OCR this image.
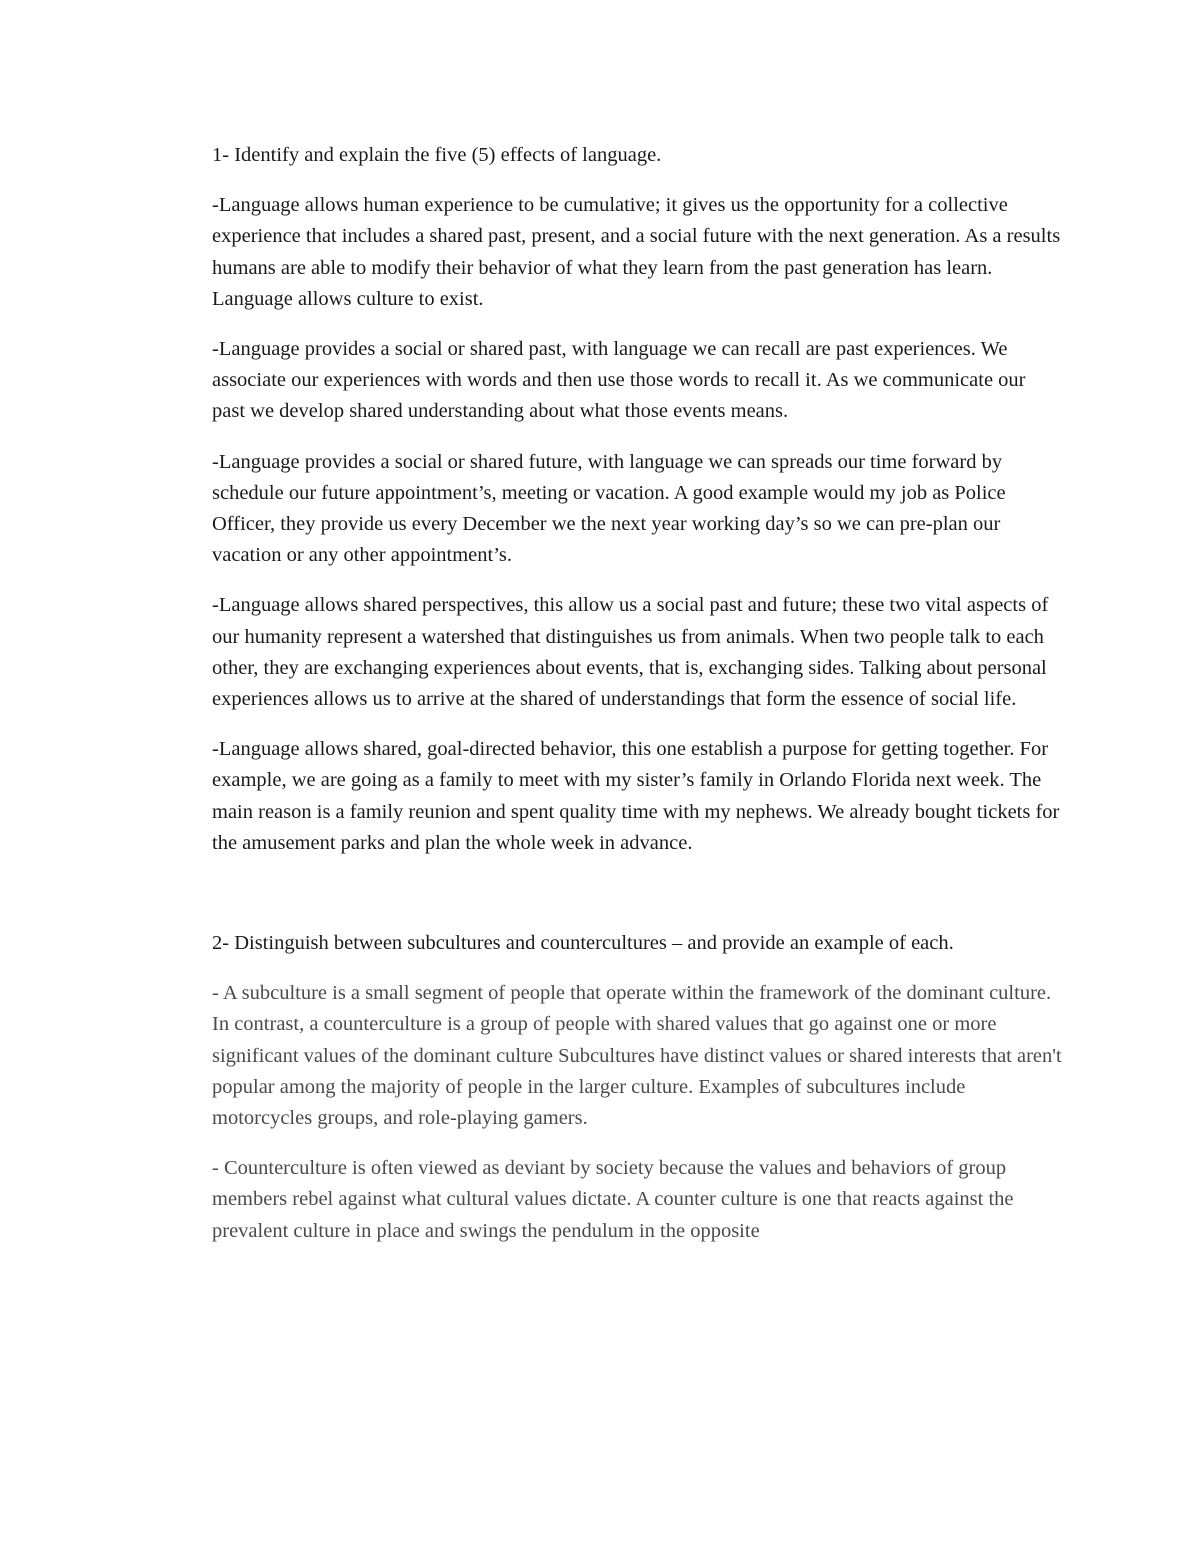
1- Identify and explain the five (5) effects of language.

-Language allows human experience to be cumulative; it gives us the opportunity for a collective experience that includes a shared past, present, and a social future with the next generation. As a results humans are able to modify their behavior of what they learn from the past generation has learn. Language allows culture to exist.

-Language provides a social or shared past, with language we can recall are past experiences. We associate our experiences with words and then use those words to recall it. As we communicate our past we develop shared understanding about what those events means.

-Language provides a social or shared future, with language we can spreads our time forward by schedule our future appointment’s, meeting or vacation. A good example would my job as Police Officer, they provide us every December we the next year working day’s so we can pre-plan our vacation or any other appointment’s.

-Language allows shared perspectives, this allow us a social past and future; these two vital aspects of our humanity represent a watershed that distinguishes us from animals. When two people talk to each other, they are exchanging experiences about events, that is, exchanging sides. Talking about personal experiences allows us to arrive at the shared of understandings that form the essence of social life.

-Language allows shared, goal-directed behavior, this one establish a purpose for getting together. For example, we are going as a family to meet with my sister’s family in Orlando Florida next week. The main reason is a family reunion and spent quality time with my nephews. We already bought tickets for the amusement parks and plan the whole week in advance.

2- Distinguish between subcultures and countercultures – and provide an example of each.

- A subculture is a small segment of people that operate within the framework of the dominant culture. In contrast, a counterculture is a group of people with shared values that go against one or more significant values of the dominant culture Subcultures have distinct values or shared interests that aren't popular among the majority of people in the larger culture. Examples of subcultures include motorcycles groups, and role-playing gamers.

- Counterculture is often viewed as deviant by society because the values and behaviors of group members rebel against what cultural values dictate. A counter culture is one that reacts against the prevalent culture in place and swings the pendulum in the opposite
